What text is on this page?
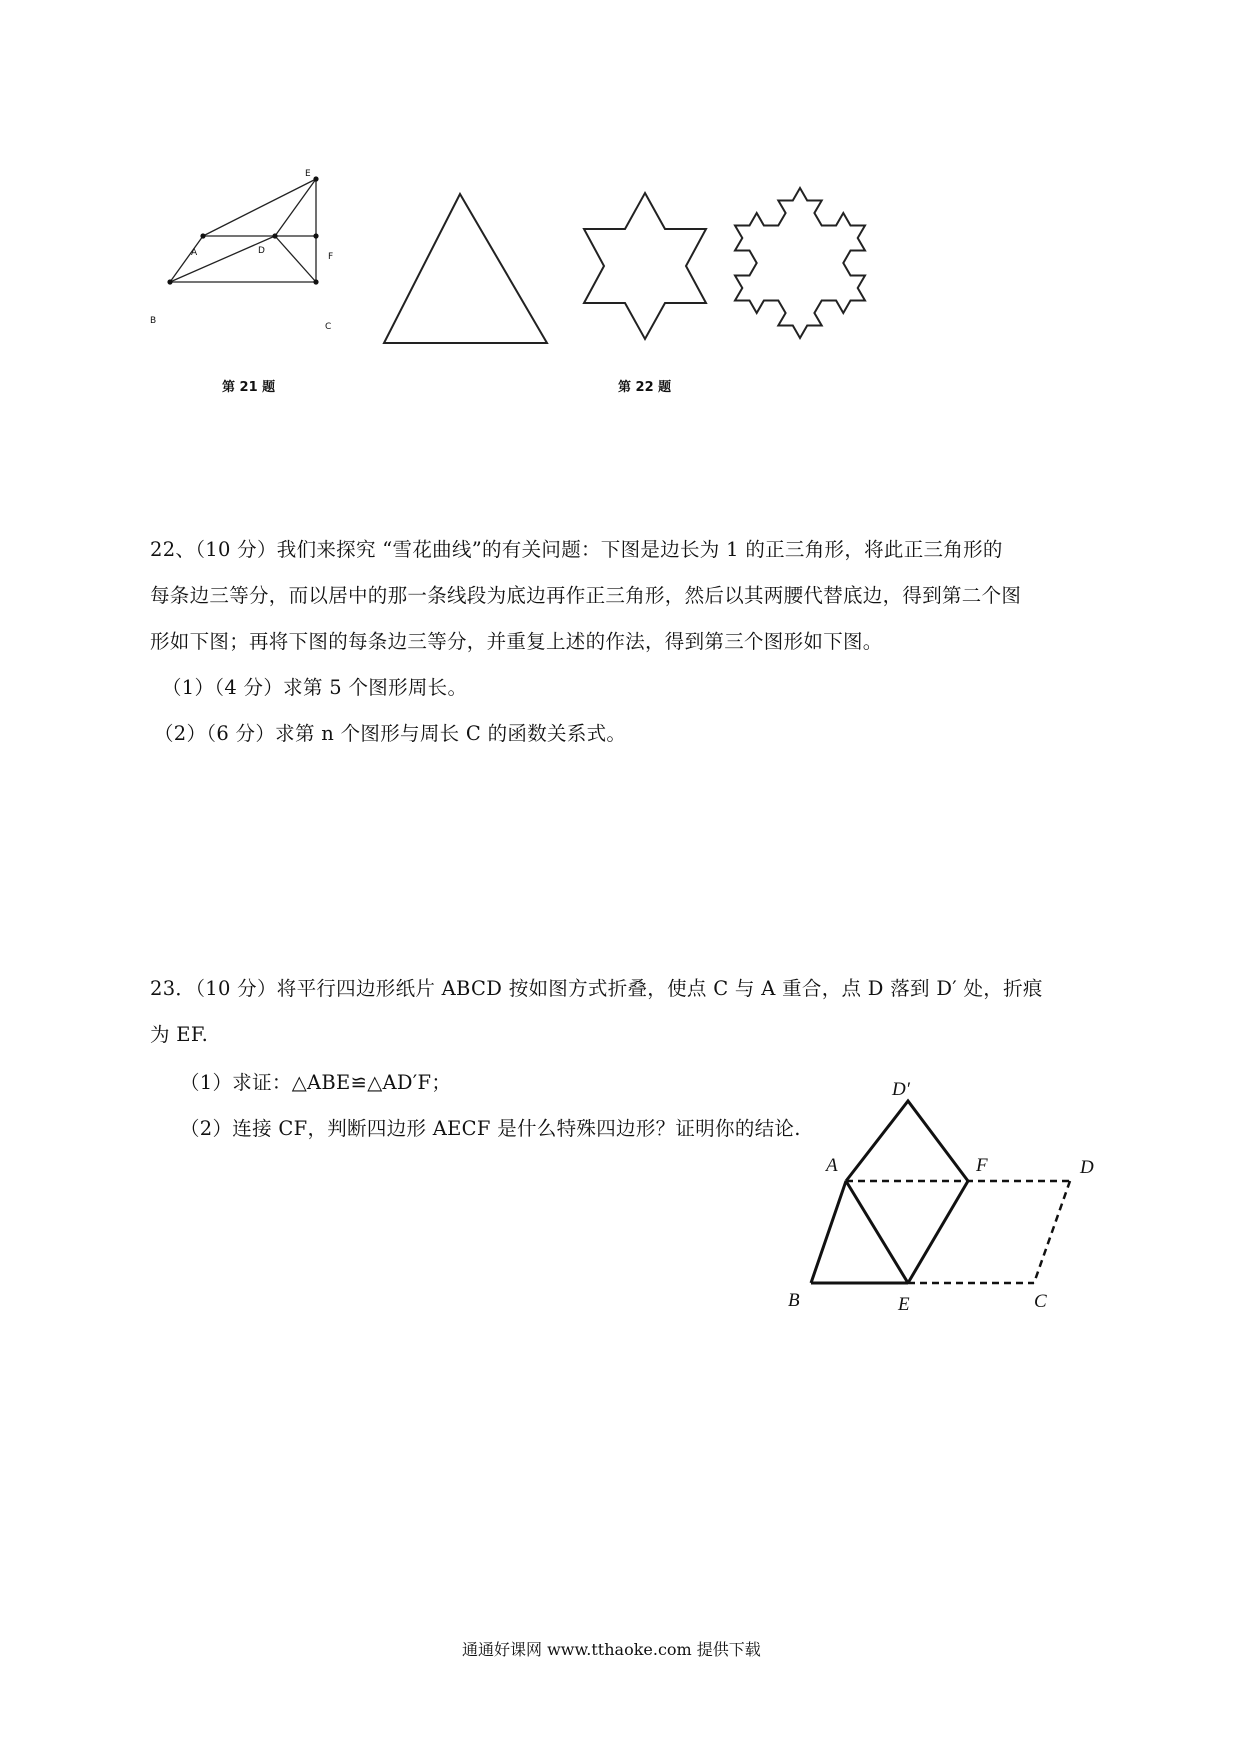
E
A	D
F
B
C
第 21 题	第 22 题
22、（10 分）我们来探究 “雪花曲线”的有关问题：下图是边长为 1 的正三角形，将此正三角形的
每条边三等分，而以居中的那一条线段为底边再作正三角形，然后以其两腰代替底边，得到第二个图
形如下图；再将下图的每条边三等分，并重复上述的作法，得到第三个图形如下图。
（1）（4 分）求第 5 个图形周长。
（2）（6 分）求第 n 个图形与周长 C 的函数关系式。
23．（10 分）将平行四边形纸片 ABCD 按如图方式折叠，使点 C 与 A 重合，点 D 落到 D′ 处，折痕
为 EF.
（1）求证：△ABE≌△AD′F；
（2）连接 CF，判断四边形 AECF 是什么特殊四边形？证明你的结论.
D′
A	F	D
B	E	C
通通好课网 www.tthaoke.com 提供下载
